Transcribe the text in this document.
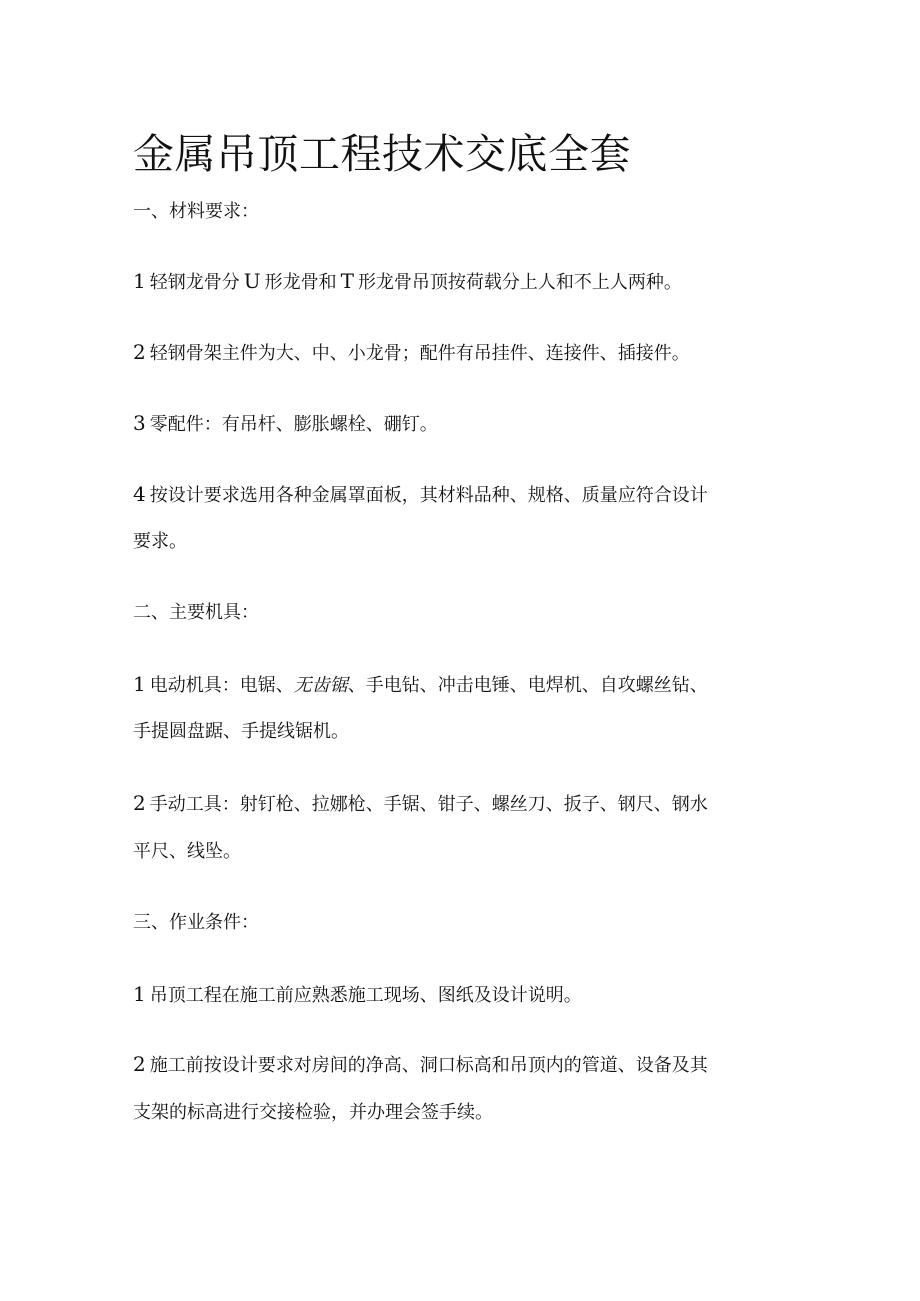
金属吊顶工程技术交底全套

一、材料要求：

1 轻钢龙骨分 U 形龙骨和 T 形龙骨吊顶按荷载分上人和不上人两种。

2 轻钢骨架主件为大、中、小龙骨；配件有吊挂件、连接件、插接件。

3 零配件：有吊杆、膨胀螺栓、硼钉。

4 按设计要求选用各种金属罩面板，其材料品种、规格、质量应符合设计

要求。

二、主要机具：

1 电动机具：电锯、无齿锯、手电钻、冲击电锤、电焊机、自攻螺丝钻、

手提圆盘踞、手提线锯机。

2 手动工具：射钉枪、拉娜枪、手锯、钳子、螺丝刀、扳子、钢尺、钢水

平尺、线坠。

三、作业条件：

1 吊顶工程在施工前应熟悉施工现场、图纸及设计说明。

2 施工前按设计要求对房间的净高、洞口标高和吊顶内的管道、设备及其

支架的标高进行交接检验，并办理会签手续。
